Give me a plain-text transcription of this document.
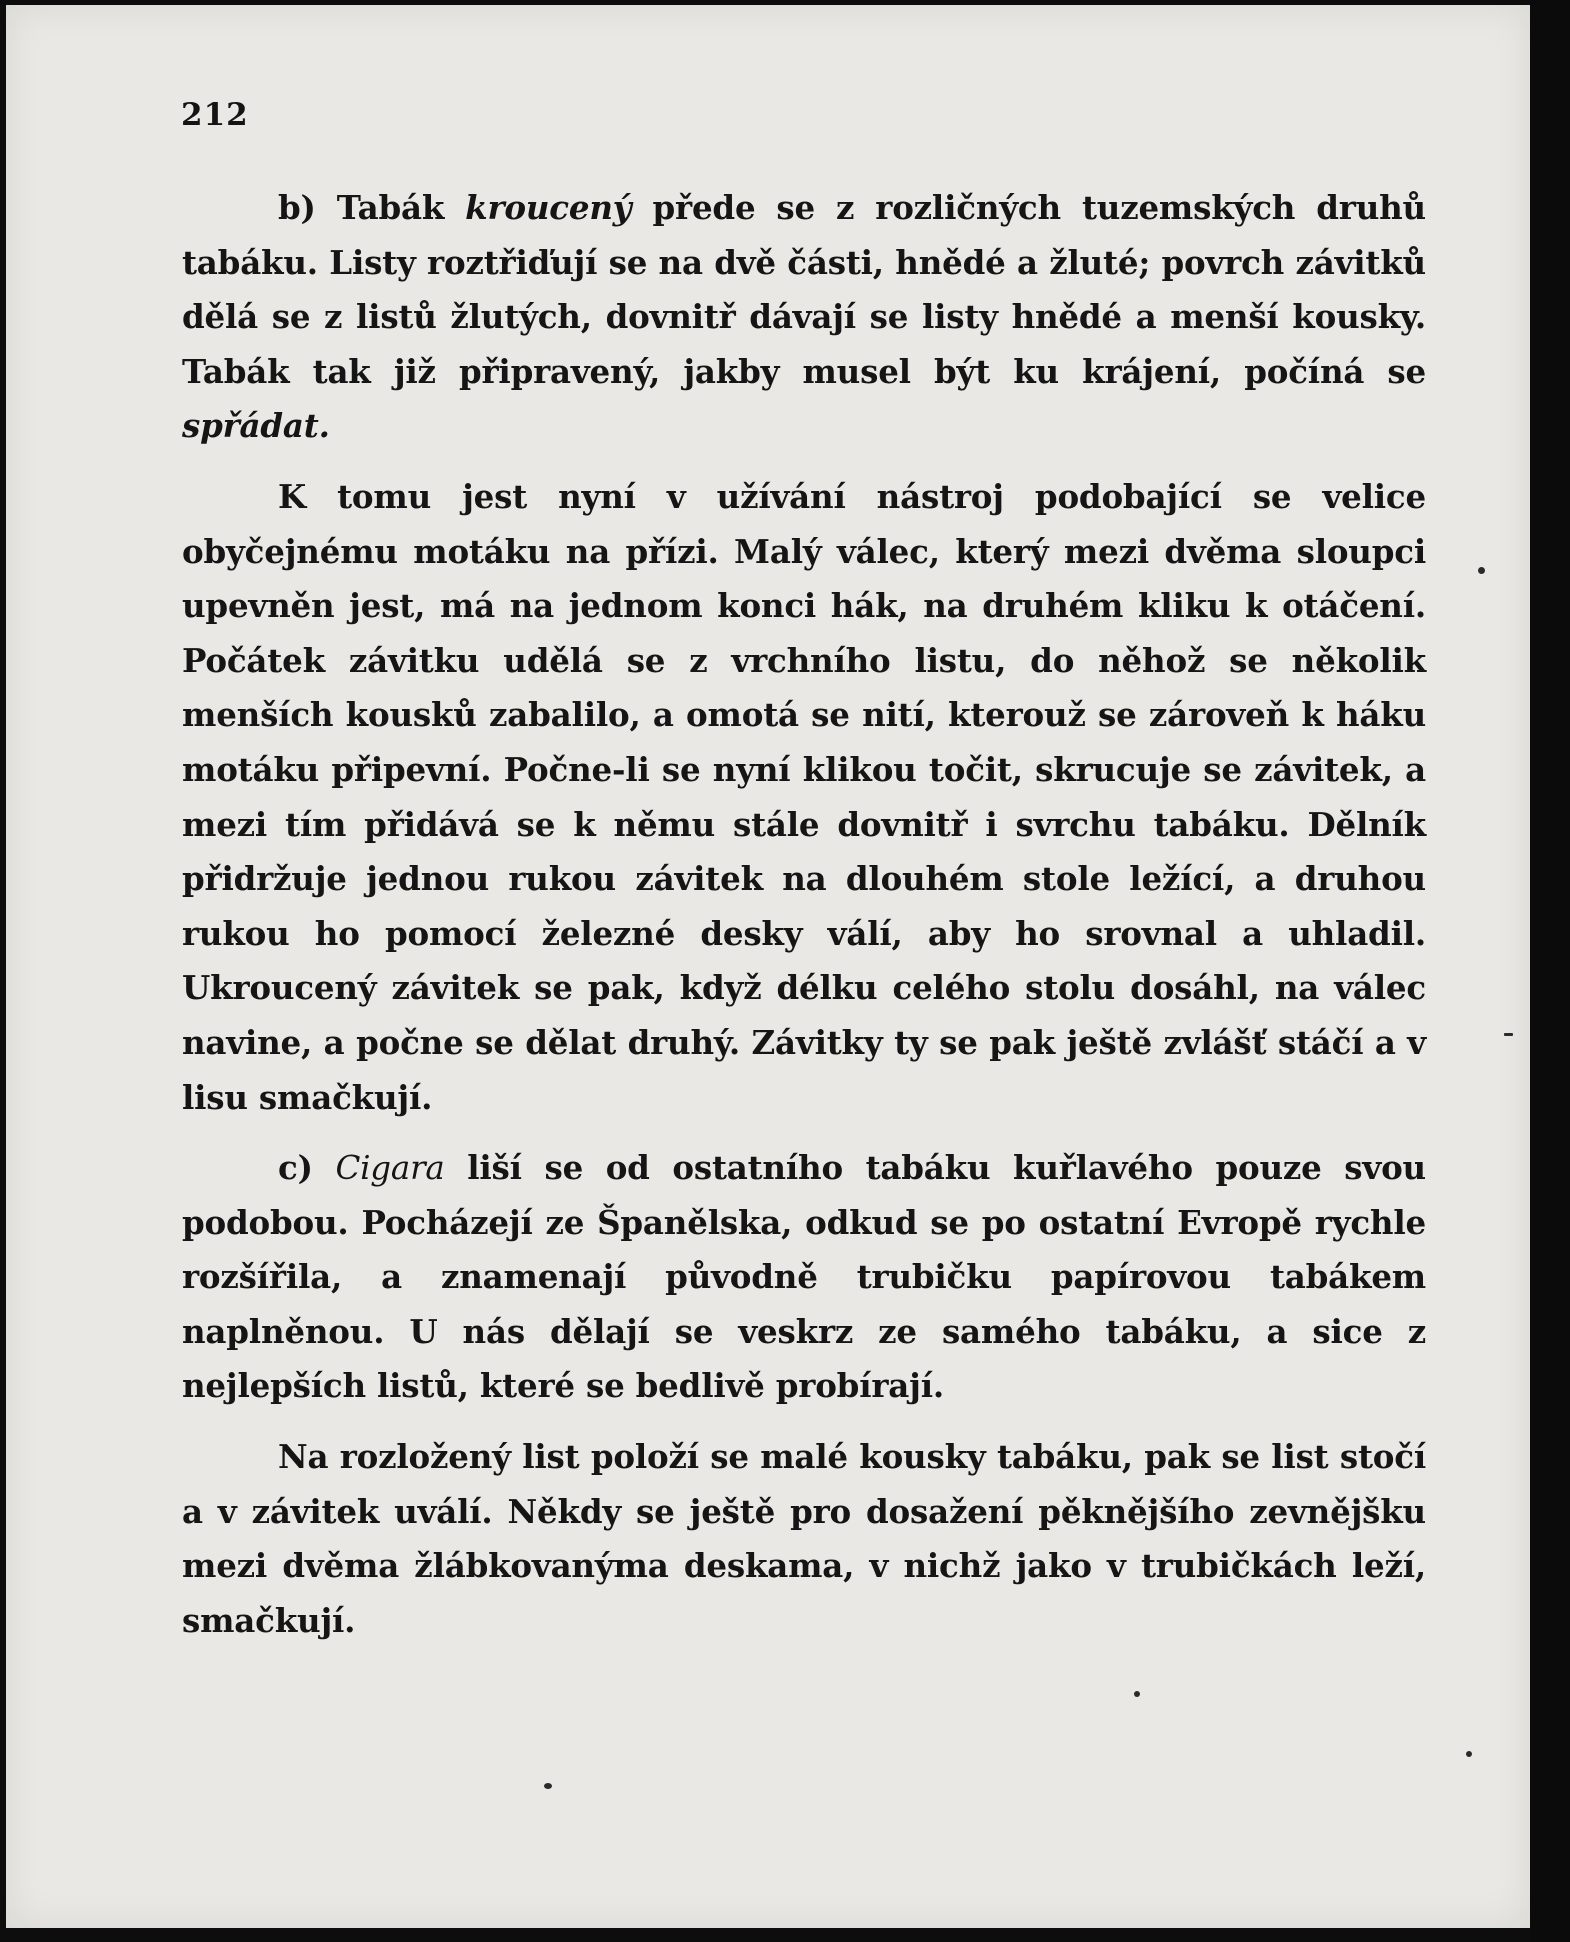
212

b) Tabák kroucený přede se z rozličných tuzemských druhů tabáku. Listy roztřiďují se na dvě části, hnědé a žluté; povrch závitků dělá se z listů žlutých, dovnitř dávají se listy hnědé a menší kousky. Tabák tak již připravený, jakby musel být ku krájení, počíná se spřádat.

K tomu jest nyní v užívání nástroj podobající se velice obyčejnému motáku na přízi. Malý válec, který mezi dvěma sloupci upevněn jest, má na jednom konci hák, na druhém kliku k otáčení. Počátek závitku udělá se z vrchního listu, do něhož se několik menších kousků zabalilo, a omotá se nití, kterouž se zároveň k háku motáku připevní. Počne-li se nyní klikou točit, skrucuje se závitek, a mezi tím přidává se k němu stále dovnitř i svrchu tabáku. Dělník přidržuje jednou rukou závitek na dlouhém stole ležící, a druhou rukou ho pomocí železné desky válí, aby ho srovnal a uhladil. Ukroucený závitek se pak, když délku celého stolu dosáhl, na válec navine, a počne se dělat druhý. Závitky ty se pak ještě zvlášť stáčí a v lisu smačkují.

c) Cigara liší se od ostatního tabáku kuřlavého pouze svou podobou. Pocházejí ze Španělska, odkud se po ostatní Evropě rychle rozšířila, a znamenají původně trubičku papírovou tabákem naplněnou. U nás dělají se veskrz ze samého tabáku, a sice z nejlepších listů, které se bedlivě probírají.

Na rozložený list položí se malé kousky tabáku, pak se list stočí a v závitek uválí. Někdy se ještě pro dosažení pěknějšího zevnějšku mezi dvěma žlábkovanýma deskama, v nichž jako v trubičkách leží, smačkují.
